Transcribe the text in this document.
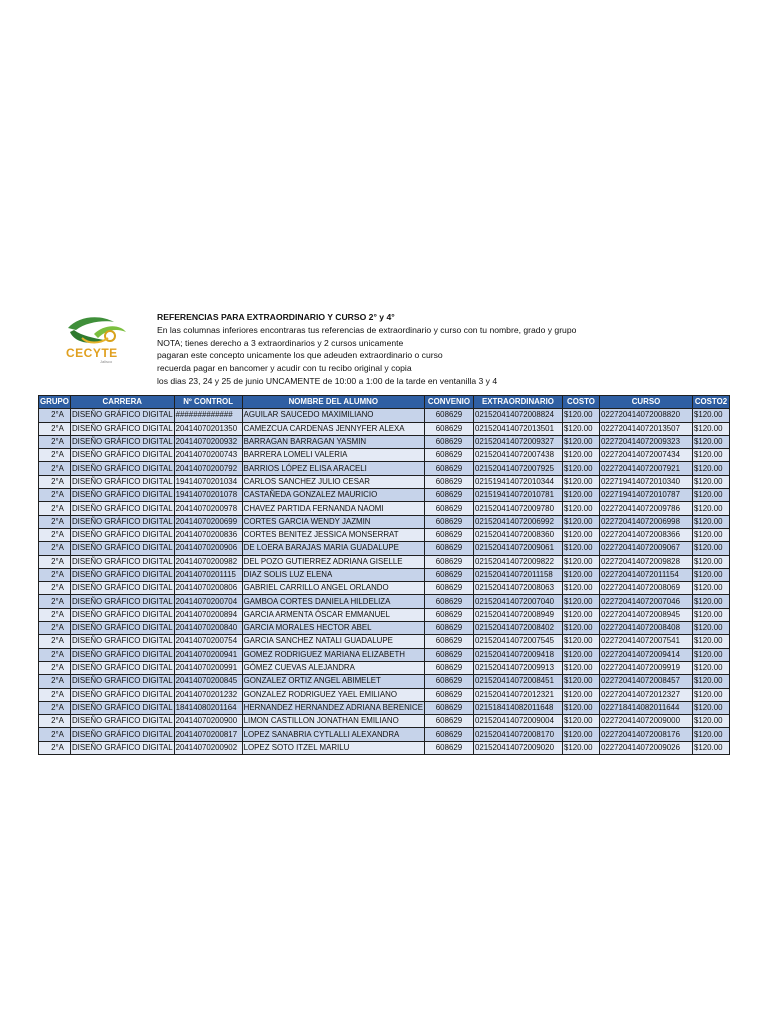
CECYTE
Jalisco
REFERENCIAS PARA EXTRAORDINARIO Y CURSO 2° y 4°
En las columnas inferiores encontraras tus referencias de extraordinario y curso con tu nombre, grado y grupo
NOTA; tienes derecho a 3 extraordinarios y 2 cursos unicamente
pagaran este concepto unicamente los que adeuden extraordinario o curso
recuerda pagar en bancomer y acudir con tu recibo original y copia
los dias 23, 24 y 25 de junio UNCAMENTE de 10:00 a 1:00 de la tarde en ventanilla 3 y 4
GRUPO	CARRERA	Nº CONTROL	NOMBRE DEL ALUMNO	CONVENIO	EXTRAORDINARIO	COSTO	CURSO	COSTO2
2°A	DISEÑO GRÁFICO DIGITAL	#############	AGUILAR SAUCEDO MAXIMILIANO	608629	02152041407200882​4	$120.00	022720414072008820	$120.00
2°A	DISEÑO GRÁFICO DIGITAL	20414070201350	CAMEZCUA CARDENAS JENNYFER ALEXA	608629	021520414072013501	$120.00	022720414072013507	$120.00
2°A	DISEÑO GRÁFICO DIGITAL	20414070200932	BARRAGAN BARRAGAN YASMIN	608629	021520414072009327	$120.00	022720414072009323	$120.00
2°A	DISEÑO GRÁFICO DIGITAL	20414070200743	BARRERA LOMELI VALERIA	608629	021520414072007438	$120.00	022720414072007434	$120.00
2°A	DISEÑO GRÁFICO DIGITAL	20414070200792	BARRIOS LÓPEZ ELISA ARACELI	608629	021520414072007925	$120.00	022720414072007921	$120.00
2°A	DISEÑO GRÁFICO DIGITAL	19414070201034	CARLOS SANCHEZ JULIO CESAR	608629	021519414072010344	$120.00	022719414072010340	$120.00
2°A	DISEÑO GRÁFICO DIGITAL	19414070201078	CASTAÑEDA GONZALEZ MAURICIO	608629	021519414072010781	$120.00	022719414072010787	$120.00
2°A	DISEÑO GRÁFICO DIGITAL	20414070200978	CHAVEZ PARTIDA FERNANDA NAOMI	608629	021520414072009780	$120.00	022720414072009786	$120.00
2°A	DISEÑO GRÁFICO DIGITAL	20414070200699	CORTES GARCIA WENDY JAZMIN	608629	021520414072006992	$120.00	022720414072006998	$120.00
2°A	DISEÑO GRÁFICO DIGITAL	20414070200836	CORTES BENITEZ JESSICA MONSERRAT	608629	021520414072008360	$120.00	022720414072008366	$120.00
2°A	DISEÑO GRÁFICO DIGITAL	20414070200906	DE LOERA BARAJAS MARIA GUADALUPE	608629	021520414072009061	$120.00	022720414072009067	$120.00
2°A	DISEÑO GRÁFICO DIGITAL	20414070200982	DEL POZO GUTIERREZ ADRIANA GISELLE	608629	021520414072009822	$120.00	022720414072009828	$120.00
2°A	DISEÑO GRÁFICO DIGITAL	20414070201115	DIAZ SOLIS LUZ ELENA	608629	021520414072011158	$120.00	022720414072011154	$120.00
2°A	DISEÑO GRÁFICO DIGITAL	20414070200806	GABRIEL CARRILLO ANGEL ORLANDO	608629	021520414072008063	$120.00	022720414072008069	$120.00
2°A	DISEÑO GRÁFICO DIGITAL	20414070200704	GAMBOA CORTES DANIELA HILDELIZA	608629	021520414072007040	$120.00	022720414072007046	$120.00
2°A	DISEÑO GRÁFICO DIGITAL	20414070200894	GARCIA ARMENTA ÓSCAR EMMANUEL	608629	021520414072008949	$120.00	022720414072008945	$120.00
2°A	DISEÑO GRÁFICO DIGITAL	20414070200840	GARCIA MORALES HECTOR ABEL	608629	021520414072008402	$120.00	022720414072008408	$120.00
2°A	DISEÑO GRÁFICO DIGITAL	20414070200754	GARCIA SANCHEZ NATALI GUADALUPE	608629	021520414072007545	$120.00	022720414072007541	$120.00
2°A	DISEÑO GRÁFICO DIGITAL	20414070200941	GOMEZ RODRIGUEZ MARIANA ELIZABETH	608629	021520414072009418	$120.00	022720414072009414	$120.00
2°A	DISEÑO GRÁFICO DIGITAL	20414070200991	GÓMEZ CUEVAS ALEJANDRA	608629	021520414072009913	$120.00	022720414072009919	$120.00
2°A	DISEÑO GRÁFICO DIGITAL	20414070200845	GONZALEZ ORTIZ ANGEL ABIMELET	608629	021520414072008451	$120.00	022720414072008457	$120.00
2°A	DISEÑO GRÁFICO DIGITAL	20414070201232	GONZALEZ RODRIGUEZ YAEL EMILIANO	608629	021520414072012321	$120.00	022720414072012327	$120.00
2°A	DISEÑO GRÁFICO DIGITAL	18414080201164	HERNANDEZ HERNANDEZ ADRIANA BERENICE	608629	021518414082011648	$120.00	022718414082011644	$120.00
2°A	DISEÑO GRÁFICO DIGITAL	20414070200900	LIMON CASTILLON JONATHAN EMILIANO	608629	021520414072009004	$120.00	022720414072009000	$120.00
2°A	DISEÑO GRÁFICO DIGITAL	20414070200817	LOPEZ SANABRIA CYTLALLI ALEXANDRA	608629	021520414072008170	$120.00	022720414072008176	$120.00
2°A	DISEÑO GRÁFICO DIGITAL	20414070200902	LOPEZ SOTO ITZEL MARILU	608629	021520414072009020	$120.00	022720414072009026	$120.00
